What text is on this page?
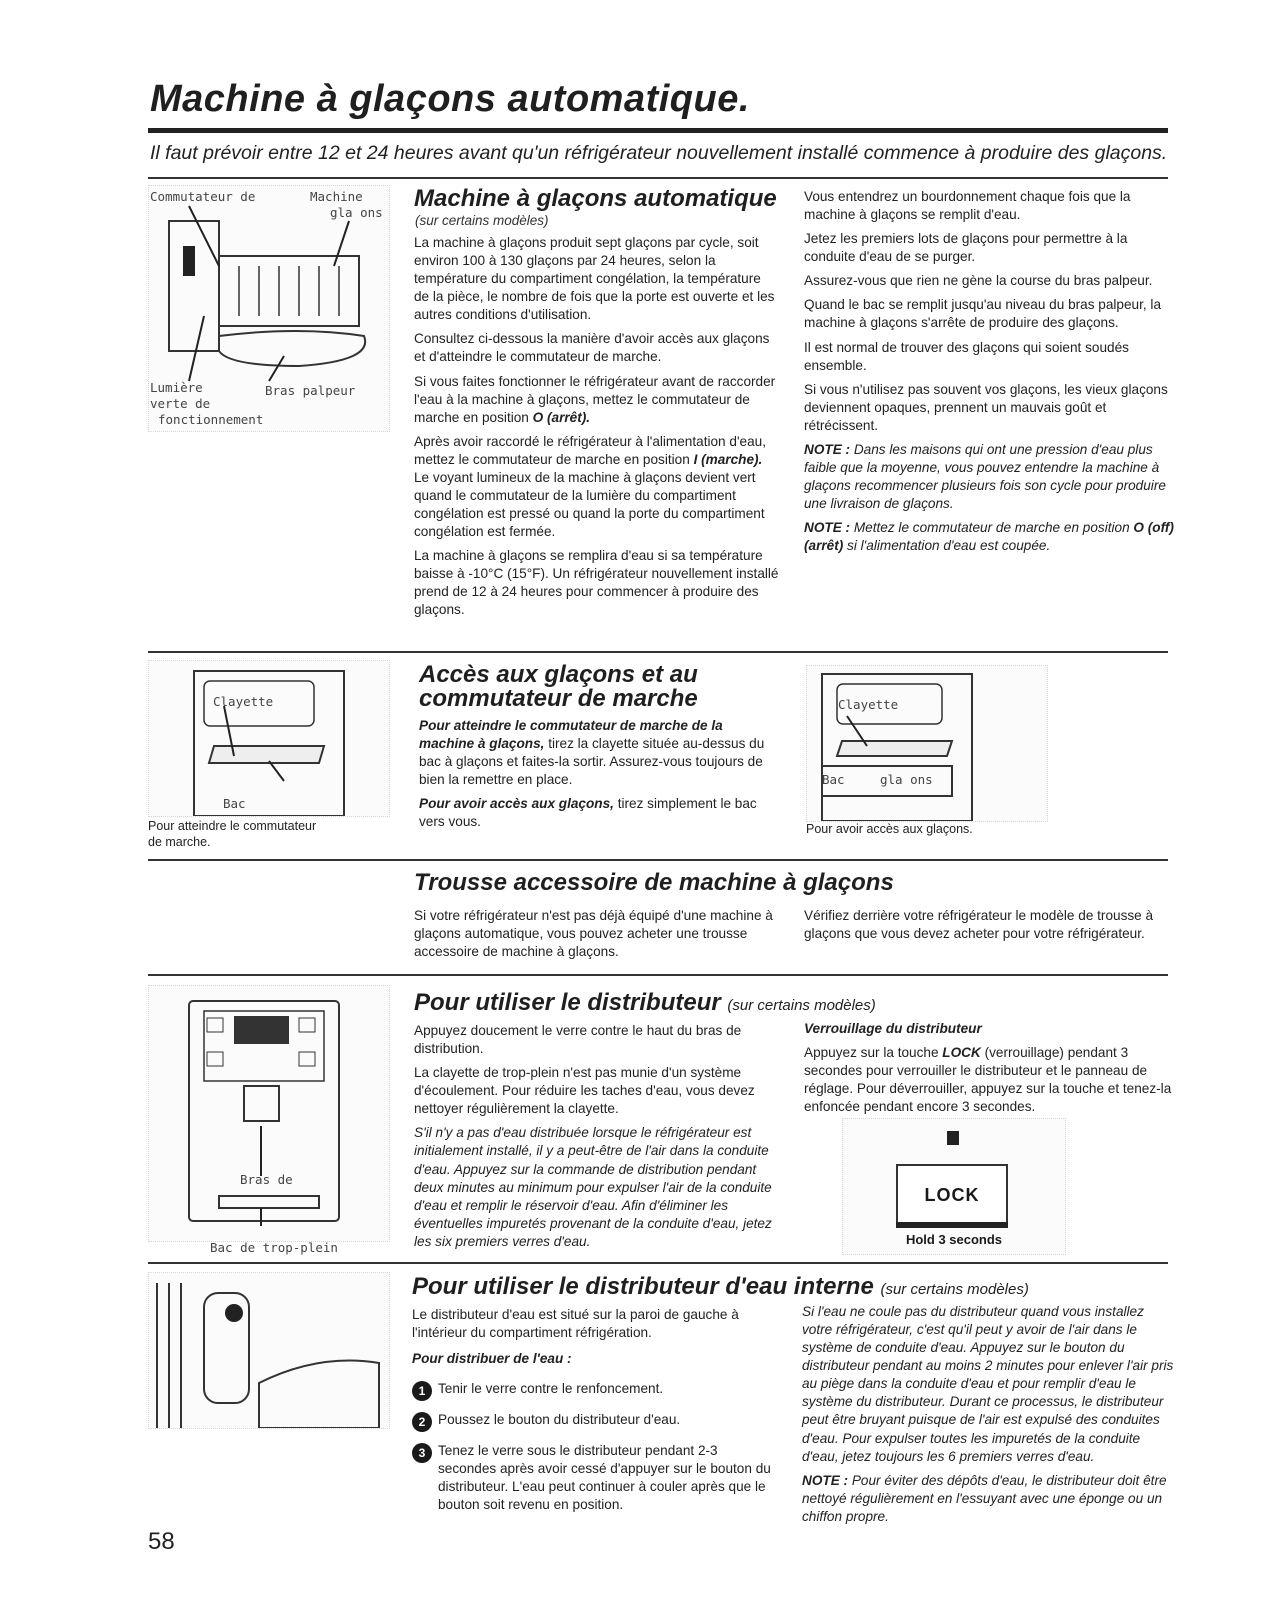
Machine à glaçons automatique.
Il faut prévoir entre 12 et 24 heures avant qu'un réfrigérateur nouvellement installé commence à produire des glaçons.
Commutateur de	Machine
gla ons
Lumière
verte de
fonctionnement
Bras palpeur
Machine à glaçons automatique
(sur certains modèles)

La machine à glaçons produit sept glaçons par cycle, soit environ 100 à 130 glaçons par 24 heures, selon la température du compartiment congélation, la température de la pièce, le nombre de fois que la porte est ouverte et les autres conditions d'utilisation.

Consultez ci-dessous la manière d'avoir accès aux glaçons et d'atteindre le commutateur de marche.

Si vous faites fonctionner le réfrigérateur avant de raccorder l'eau à la machine à glaçons, mettez le commutateur de marche en position O (arrêt).

Après avoir raccordé le réfrigérateur à l'alimentation d'eau, mettez le commutateur de marche en position I (marche). Le voyant lumineux de la machine à glaçons devient vert quand le commutateur de la lumière du compartiment congélation est pressé ou quand la porte du compartiment congélation est fermée.

La machine à glaçons se remplira d'eau si sa température baisse à -10°C (15°F). Un réfrigérateur nouvellement installé prend de 12 à 24 heures pour commencer à produire des glaçons.

Vous entendrez un bourdonnement chaque fois que la machine à glaçons se remplit d'eau.

Jetez les premiers lots de glaçons pour permettre à la conduite d'eau de se purger.

Assurez-vous que rien ne gène la course du bras palpeur.

Quand le bac se remplit jusqu'au niveau du bras palpeur, la machine à glaçons s'arrête de produire des glaçons.

Il est normal de trouver des glaçons qui soient soudés ensemble.

Si vous n'utilisez pas souvent vos glaçons, les vieux glaçons deviennent opaques, prennent un mauvais goût et rétrécissent.

NOTE : Dans les maisons qui ont une pression d'eau plus faible que la moyenne, vous pouvez entendre la machine à glaçons recommencer plusieurs fois son cycle pour produire une livraison de glaçons.

NOTE : Mettez le commutateur de marche en position O (off) (arrêt) si l'alimentation d'eau est coupée.

Clayette
Bac
Pour atteindre le commutateur de marche.
Accès aux glaçons et au
commutateur de marche

Pour atteindre le commutateur de marche de la machine à glaçons, tirez la clayette située au-dessus du bac à glaçons et faites-la sortir. Assurez-vous toujours de bien la remettre en place.

Pour avoir accès aux glaçons, tirez simplement le bac vers vous.

Clayette
Bac	gla ons
Pour avoir accès aux glaçons.
Trousse accessoire de machine à glaçons
Si votre réfrigérateur n'est pas déjà équipé d'une machine à glaçons automatique, vous pouvez acheter une trousse accessoire de machine à glaçons.
Vérifiez derrière votre réfrigérateur le modèle de trousse à glaçons que vous devez acheter pour votre réfrigérateur.
Bras de
Bac de trop-plein
Pour utiliser le distributeur (sur certains modèles)

Appuyez doucement le verre contre le haut du bras de distribution.

La clayette de trop-plein n'est pas munie d'un système d'écoulement. Pour réduire les taches d'eau, vous devez nettoyer régulièrement la clayette.

S'il n'y a pas d'eau distribuée lorsque le réfrigérateur est initialement installé, il y a peut-être de l'air dans la conduite d'eau. Appuyez sur la commande de distribution pendant deux minutes au minimum pour expulser l'air de la conduite d'eau et remplir le réservoir d'eau. Afin d'éliminer les éventuelles impuretés provenant de la conduite d'eau, jetez les six premiers verres d'eau.

Verrouillage du distributeur

Appuyez sur la touche LOCK (verrouillage) pendant 3 secondes pour verrouiller le distributeur et le panneau de réglage. Pour déverrouiller, appuyez sur la touche et tenez-la enfoncée pendant encore 3 secondes.

LOCK
Hold 3 seconds
58
Pour utiliser le distributeur d'eau interne (sur certains modèles)

Le distributeur d'eau est situé sur la paroi de gauche à l'intérieur du compartiment réfrigération.

Pour distribuer de l'eau :

1 Tenir le verre contre le renfoncement.
2 Poussez le bouton du distributeur d'eau.
3 Tenez le verre sous le distributeur pendant 2-3 secondes après avoir cessé d'appuyer sur le bouton du distributeur. L'eau peut continuer à couler après que le bouton soit revenu en position.

Si l'eau ne coule pas du distributeur quand vous installez votre réfrigérateur, c'est qu'il peut y avoir de l'air dans le système de conduite d'eau. Appuyez sur le bouton du distributeur pendant au moins 2 minutes pour enlever l'air pris au piège dans la conduite d'eau et pour remplir d'eau le système du distributeur. Durant ce processus, le distributeur peut être bruyant puisque de l'air est expulsé des conduites d'eau. Pour expulser toutes les impuretés de la conduite d'eau, jetez toujours les 6 premiers verres d'eau.

NOTE : Pour éviter des dépôts d'eau, le distributeur doit être nettoyé régulièrement en l'essuyant avec une éponge ou un chiffon propre.
